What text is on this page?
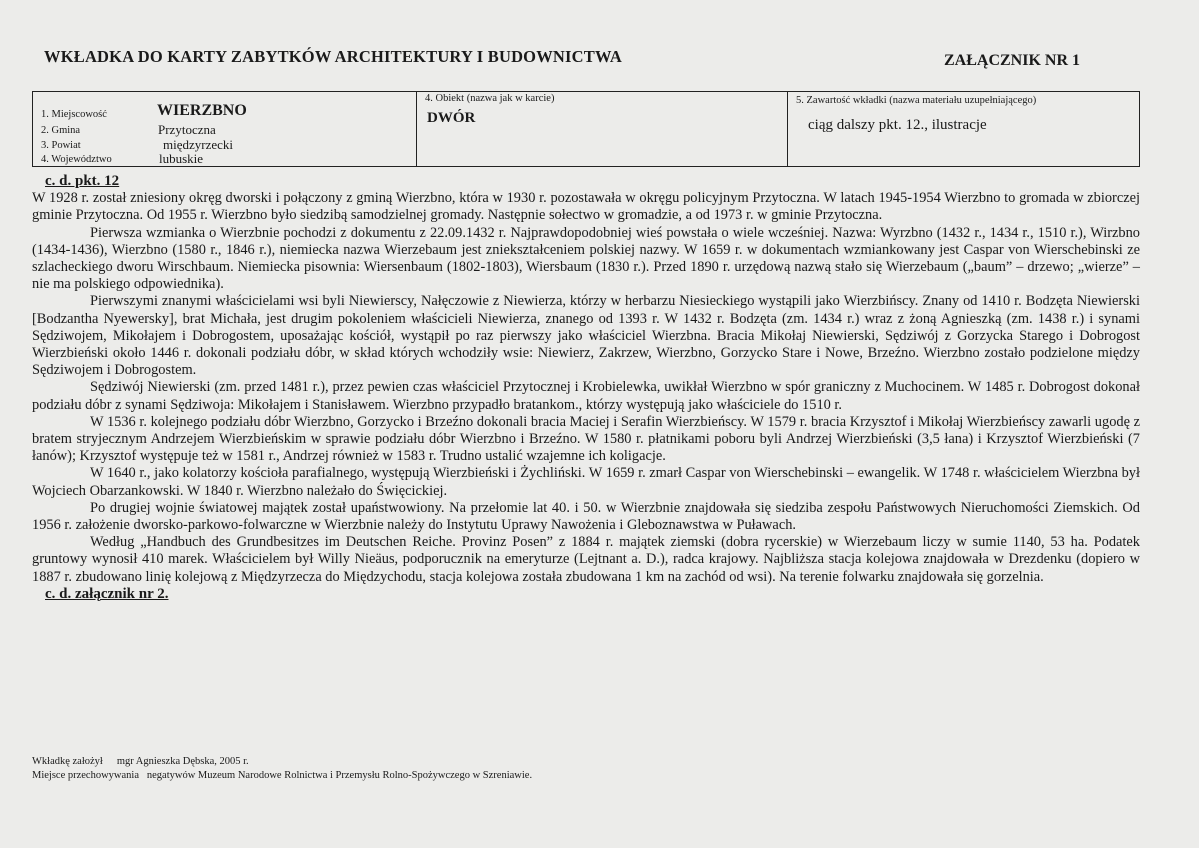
WKŁADKA DO KARTY ZABYTKÓW ARCHITEKTURY I BUDOWNICTWA	ZAŁĄCZNIK NR 1
1. Miejscowość	WIERZBNO
2. Gmina	Przytoczna
3. Powiat	międzyrzecki
4. Województwo	lubuskie
4. Obiekt (nazwa jak w karcie)
DWÓR
5. Zawartość wkładki (nazwa materiału uzupełniającego)
ciąg dalszy pkt. 12., ilustracje
c. d. pkt. 12

W 1928 r. został zniesiony okręg dworski i połączony z gminą Wierzbno, która w 1930 r. pozostawała w okręgu policyjnym Przytoczna. W latach 1945-1954 Wierzbno to gromada w zbiorczej gminie Przytoczna. Od 1955 r. Wierzbno było siedzibą samodzielnej gromady. Następnie sołectwo w gromadzie, a od 1973 r. w gminie Przytoczna.

Pierwsza wzmianka o Wierzbnie pochodzi z dokumentu z 22.09.1432 r. Najprawdopodobniej wieś powstała o wiele wcześniej. Nazwa: Wyrzbno (1432 r., 1434 r., 1510 r.), Wirzbno (1434-1436), Wierzbno (1580 r., 1846 r.), niemiecka nazwa Wierzebaum jest zniekształceniem polskiej nazwy. W 1659 r. w dokumentach wzmiankowany jest Caspar von Wierschebinski ze szlacheckiego dworu Wirschbaum. Niemiecka pisownia: Wiersenbaum (1802-1803), Wiersbaum (1830 r.). Przed 1890 r. urzędową nazwą stało się Wierzebaum („baum” – drzewo; „wierze” – nie ma polskiego odpowiednika).

Pierwszymi znanymi właścicielami wsi byli Niewierscy, Nałęczowie z Niewierza, którzy w herbarzu Niesieckiego wystąpili jako Wierzbińscy. Znany od 1410 r. Bodzęta Niewierski [Bodzantha Nyewersky], brat Michała, jest drugim pokoleniem właścicieli Niewierza, znanego od 1393 r. W 1432 r. Bodzęta (zm. 1434 r.) wraz z żoną Agnieszką (zm. 1438 r.) i synami Sędziwojem, Mikołajem i Dobrogostem, uposażając kościół, wystąpił po raz pierwszy jako właściciel Wierzbna. Bracia Mikołaj Niewierski, Sędziwój z Gorzycka Starego i Dobrogost Wierzbieński około 1446 r. dokonali podziału dóbr, w skład których wchodziły wsie: Niewierz, Zakrzew, Wierzbno, Gorzycko Stare i Nowe, Brzeźno. Wierzbno zostało podzielone między Sędziwojem i Dobrogostem.

Sędziwój Niewierski (zm. przed 1481 r.), przez pewien czas właściciel Przytocznej i Krobielewka, uwikłał Wierzbno w spór graniczny z Muchocinem. W 1485 r. Dobrogost dokonał podziału dóbr z synami Sędziwoja: Mikołajem i Stanisławem. Wierzbno przypadło bratankom., którzy występują jako właściciele do 1510 r.

W 1536 r. kolejnego podziału dóbr Wierzbno, Gorzycko i Brzeźno dokonali bracia Maciej i Serafin Wierzbieńscy. W 1579 r. bracia Krzysztof i Mikołaj Wierzbieńscy zawarli ugodę z bratem stryjecznym Andrzejem Wierzbieńskim w sprawie podziału dóbr Wierzbno i Brzeźno. W 1580 r. płatnikami poboru byli Andrzej Wierzbieński (3,5 łana) i Krzysztof Wierzbieński (7 łanów); Krzysztof występuje też w 1581 r., Andrzej również w 1583 r. Trudno ustalić wzajemne ich koligacje.

W 1640 r., jako kolatorzy kościoła parafialnego, występują Wierzbieński i Żychliński. W 1659 r. zmarł Caspar von Wierschebinski – ewangelik. W 1748 r. właścicielem Wierzbna był Wojciech Obarzankowski. W 1840 r. Wierzbno należało do Święcickiej.

Po drugiej wojnie światowej majątek został upaństwowiony. Na przełomie lat 40. i 50. w Wierzbnie znajdowała się siedziba zespołu Państwowych Nieruchomości Ziemskich. Od 1956 r. założenie dworsko-parkowo-folwarczne w Wierzbnie należy do Instytutu Uprawy Nawożenia i Gleboznawstwa w Puławach.

Według „Handbuch des Grundbesitzes im Deutschen Reiche. Provinz Posen” z 1884 r. majątek ziemski (dobra rycerskie) w Wierzebaum liczy w sumie 1140, 53 ha. Podatek gruntowy wynosił 410 marek. Właścicielem był Willy Nieäus, podporucznik na emeryturze (Lejtnant a. D.), radca krajowy. Najbliższa stacja kolejowa znajdowała w Drezdenku (dopiero w 1887 r. zbudowano linię kolejową z Międzyrzecza do Międzychodu, stacja kolejowa została zbudowana 1 km na zachód od wsi). Na terenie folwarku znajdowała się gorzelnia.

c. d. załącznik nr 2.
Wkładkę założył mgr Agnieszka Dębska, 2005 r.
Miejsce przechowywania negatywów Muzeum Narodowe Rolnictwa i Przemysłu Rolno-Spożywczego w Szreniawie.
